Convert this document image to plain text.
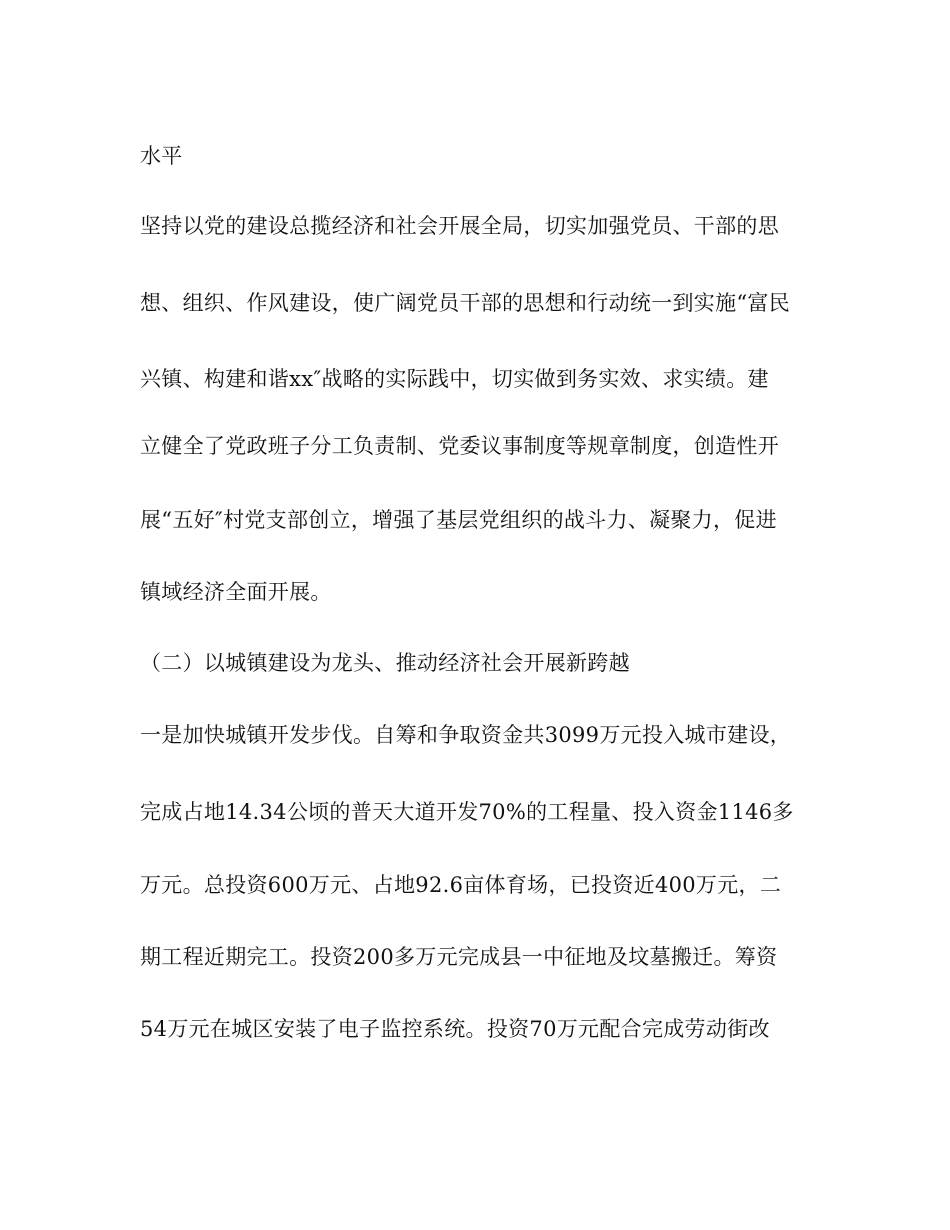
水平
坚持以党的建设总揽经济和社会开展全局，切实加强党员、干部的思
想、组织、作风建设，使广阔党员干部的思想和行动统一到实施“富民
兴镇、构建和谐xx″战略的实际践中，切实做到务实效、求实绩。建
立健全了党政班子分工负责制、党委议事制度等规章制度，创造性开
展“五好″村党支部创立，增强了基层党组织的战斗力、凝聚力，促进
镇域经济全面开展。
（二）以城镇建设为龙头、推动经济社会开展新跨越
一是加快城镇开发步伐。自筹和争取资金共3099万元投入城市建设，
完成占地14.34公顷的普天大道开发70%的工程量、投入资金1146多
万元。总投资600万元、占地92.6亩体育场，已投资近400万元，二
期工程近期完工。投资200多万元完成县一中征地及坟墓搬迁。筹资
54万元在城区安装了电子监控系统。投资70万元配合完成劳动街改
